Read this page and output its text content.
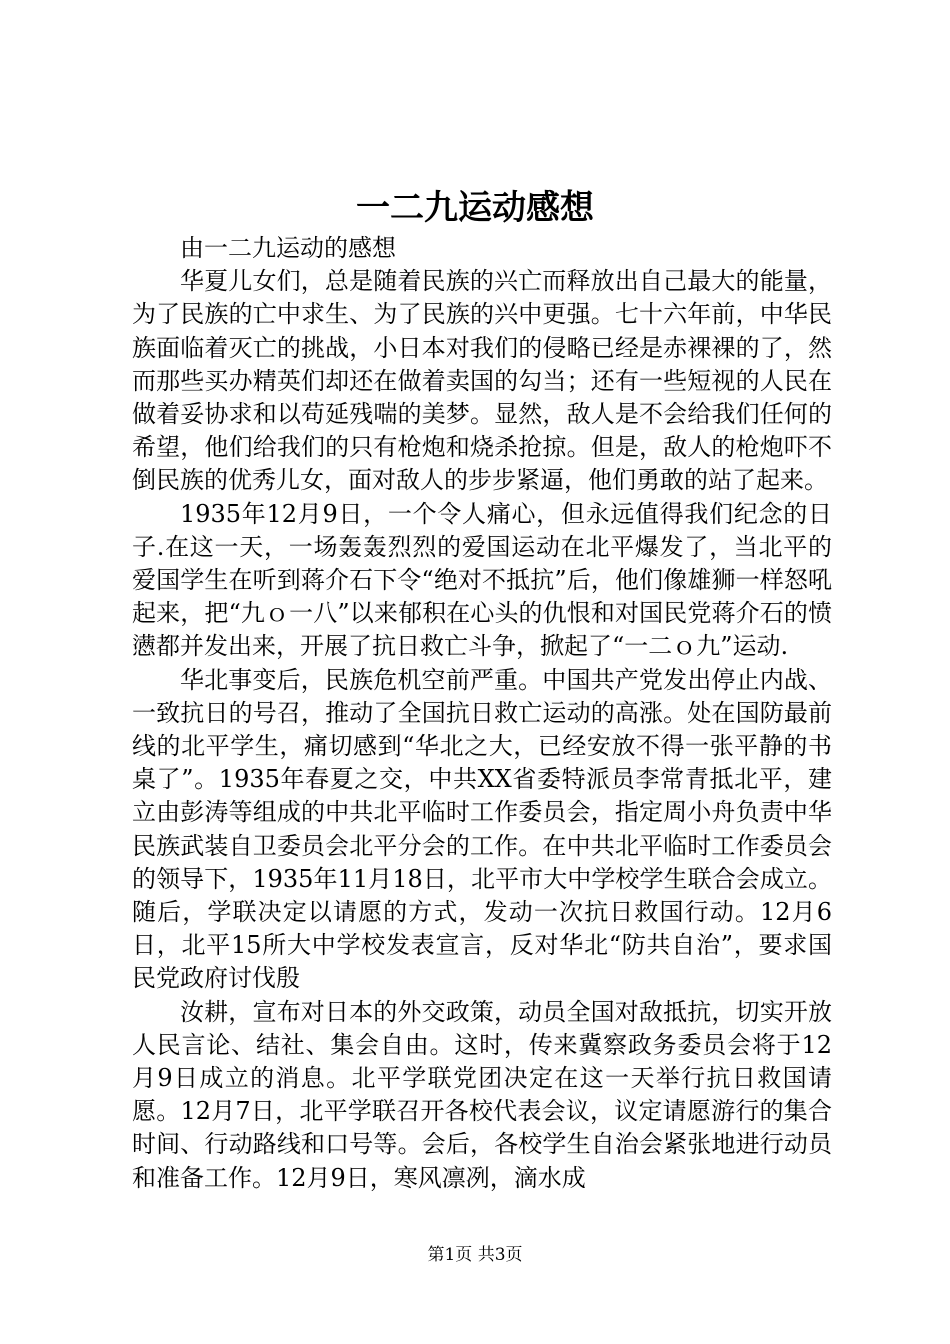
一二九运动感想

由一二九运动的感想

华夏儿女们，总是随着民族的兴亡而释放出自己最大的能量，为了民族的亡中求生、为了民族的兴中更强。七十六年前，中华民族面临着灭亡的挑战，小日本对我们的侵略已经是赤裸裸的了，然而那些买办精英们却还在做着卖国的勾当；还有一些短视的人民在做着妥协求和以苟延残喘的美梦。显然，敌人是不会给我们任何的希望，他们给我们的只有枪炮和烧杀抢掠。但是，敌人的枪炮吓不倒民族的优秀儿女，面对敌人的步步紧逼，他们勇敢的站了起来。

1935年12月9日，一个令人痛心，但永远值得我们纪念的日子.在这一天，一场轰轰烈烈的爱国运动在北平爆发了，当北平的爱国学生在听到蒋介石下令“绝对不抵抗”后，他们像雄狮一样怒吼起来，把“九ｏ一八”以来郁积在心头的仇恨和对国民党蒋介石的愤懑都并发出来，开展了抗日救亡斗争，掀起了“一二ｏ九”运动.

华北事变后，民族危机空前严重。中国共产党发出停止内战、一致抗日的号召，推动了全国抗日救亡运动的高涨。处在国防最前线的北平学生，痛切感到“华北之大，已经安放不得一张平静的书桌了”。1935年春夏之交，中共XX省委特派员李常青抵北平，建立由彭涛等组成的中共北平临时工作委员会，指定周小舟负责中华民族武装自卫委员会北平分会的工作。在中共北平临时工作委员会的领导下，1935年11月18日，北平市大中学校学生联合会成立。随后，学联决定以请愿的方式，发动一次抗日救国行动。12月6日，北平15所大中学校发表宣言，反对华北“防共自治”，要求国民党政府讨伐殷

汝耕，宣布对日本的外交政策，动员全国对敌抵抗，切实开放人民言论、结社、集会自由。这时，传来冀察政务委员会将于12月9日成立的消息。北平学联党团决定在这一天举行抗日救国请愿。12月7日，北平学联召开各校代表会议，议定请愿游行的集合时间、行动路线和口号等。会后，各校学生自治会紧张地进行动员和准备工作。12月9日，寒风凛冽，滴水成

第1页 共3页
